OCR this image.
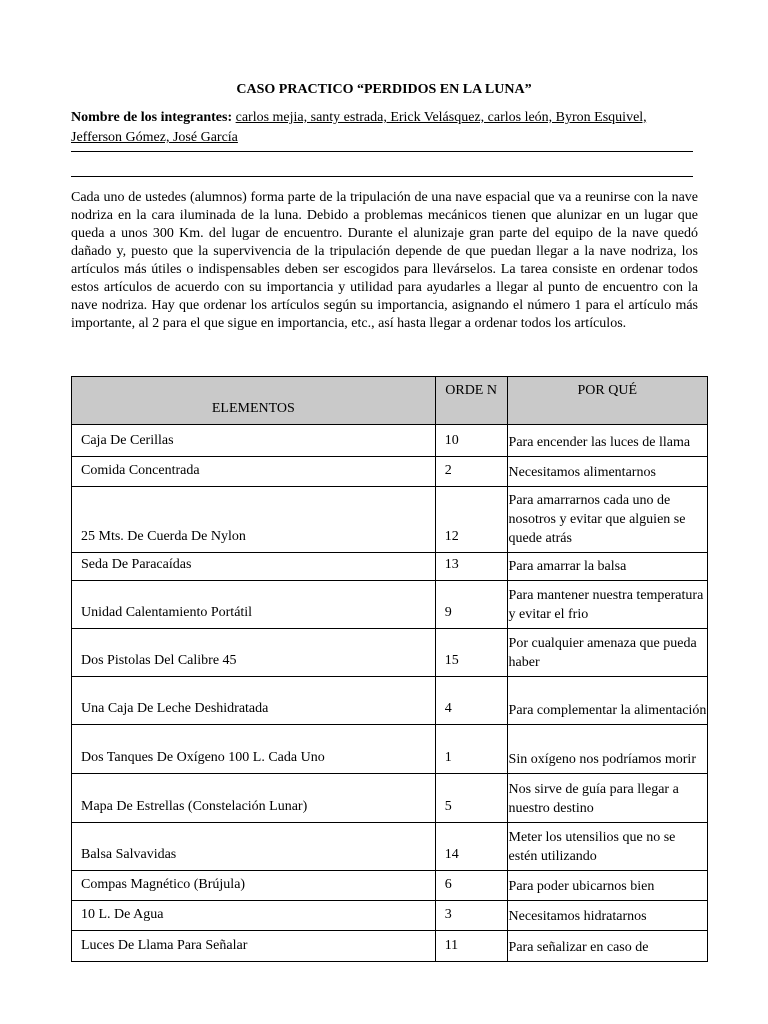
CASO PRACTICO “PERDIDOS EN LA LUNA”
Nombre de los integrantes: carlos mejia, santy estrada, Erick Velásquez, carlos león, Byron Esquivel, Jefferson Gómez, José García
Cada uno de ustedes (alumnos) forma parte de la tripulación de una nave espacial que va a reunirse con la nave nodriza en la cara iluminada de la luna. Debido a problemas mecánicos tienen que alunizar en un lugar que queda a unos 300 Km. del lugar de encuentro. Durante el alunizaje gran parte del equipo de la nave quedó dañado y, puesto que la supervivencia de la tripulación depende de que puedan llegar a la nave nodriza, los artículos más útiles o indispensables deben ser escogidos para llevárselos. La tarea consiste en ordenar todos estos artículos de acuerdo con su importancia y utilidad para ayudarles a llegar al punto de encuentro con la nave nodriza. Hay que ordenar los artículos según su importancia, asignando el número 1 para el artículo más importante, al 2 para el que sigue en importancia, etc., así hasta llegar a ordenar todos los artículos.
ELEMENTOS	ORDE N	POR QUÉ
Caja De Cerillas	10	Para encender las luces de llama
Comida Concentrada	2	Necesitamos alimentarnos
25 Mts. De Cuerda De Nylon	12	Para amarrarnos cada uno de nosotros y evitar que alguien se quede atrás
Seda De Paracaídas	13	Para amarrar la balsa
Unidad Calentamiento Portátil	9	Para mantener nuestra temperatura y evitar el frio
Dos Pistolas Del Calibre 45	15	Por cualquier amenaza que pueda haber
Una Caja De Leche Deshidratada	4	Para complementar la alimentación
Dos Tanques De Oxígeno 100 L. Cada Uno	1	Sin oxígeno nos podríamos morir
Mapa De Estrellas (Constelación Lunar)	5	Nos sirve de guía para llegar a nuestro destino
Balsa Salvavidas	14	Meter los utensilios que no se estén utilizando
Compas Magnético (Brújula)	6	Para poder ubicarnos bien
10 L. De Agua	3	Necesitamos hidratarnos
Luces De Llama Para Señalar	11	Para señalizar en caso de
